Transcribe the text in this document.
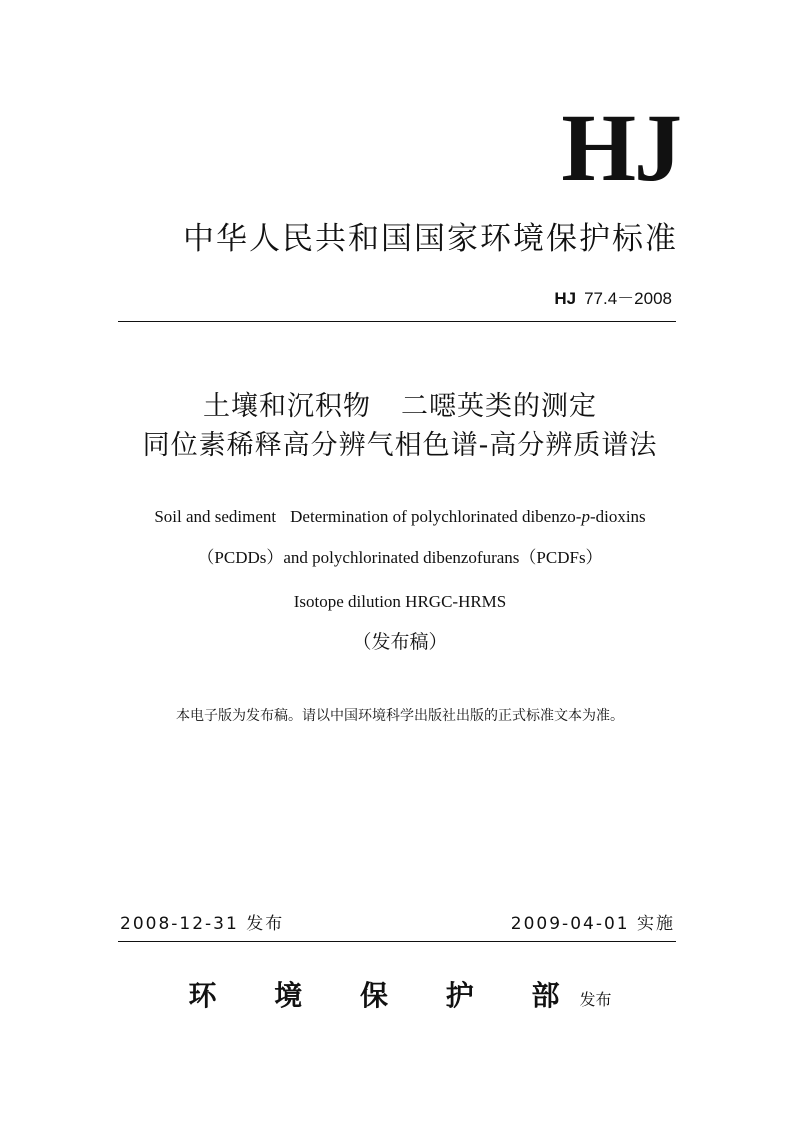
HJ
中华人民共和国国家环境保护标准
HJ 77.4－2008
土壤和沉积物 二噁英类的测定
同位素稀释高分辨气相色谱-高分辨质谱法
Soil and sediment Determination of polychlorinated dibenzo-p-dioxins
（PCDDs）and polychlorinated dibenzofurans（PCDFs）
Isotope dilution HRGC-HRMS
（发布稿）
本电子版为发布稿。请以中国环境科学出版社出版的正式标准文本为准。
2008-12-31 发布	2009-04-01 实施
环 境 保 护 部发布
